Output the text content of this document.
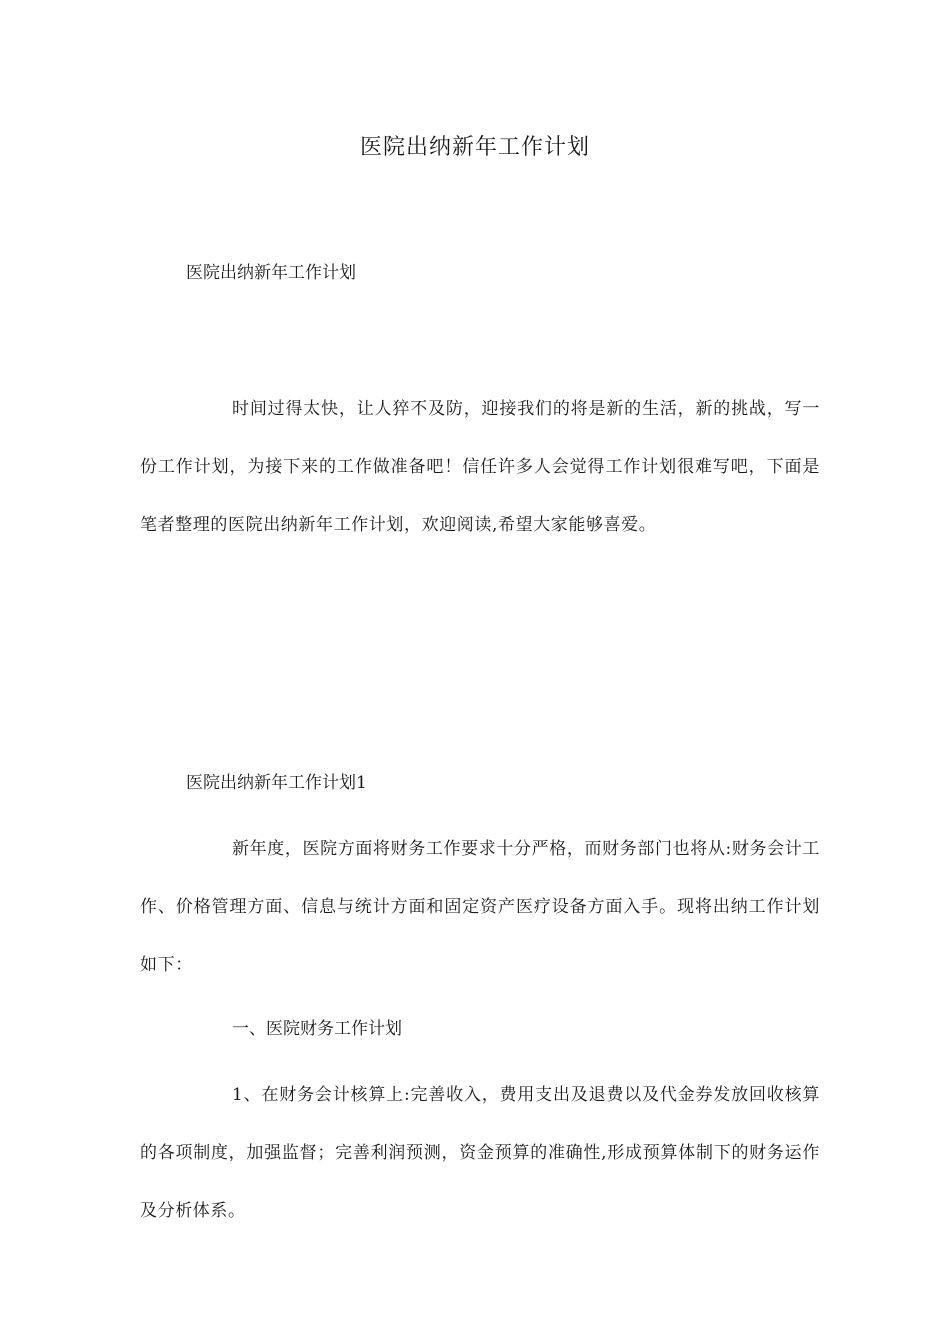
医院出纳新年工作计划
医院出纳新年工作计划
时间过得太快，让人猝不及防，迎接我们的将是新的生活，新的挑战，写一份工作计划，为接下来的工作做准备吧！信任许多人会觉得工作计划很难写吧，下面是笔者整理的医院出纳新年工作计划，欢迎阅读,希望大家能够喜爱。
医院出纳新年工作计划1
新年度，医院方面将财务工作要求十分严格，而财务部门也将从:财务会计工作、价格管理方面、信息与统计方面和固定资产医疗设备方面入手。现将出纳工作计划如下：
一、医院财务工作计划
1、在财务会计核算上:完善收入，费用支出及退费以及代金券发放回收核算的各项制度，加强监督；完善利润预测，资金预算的准确性,形成预算体制下的财务运作及分析体系。
